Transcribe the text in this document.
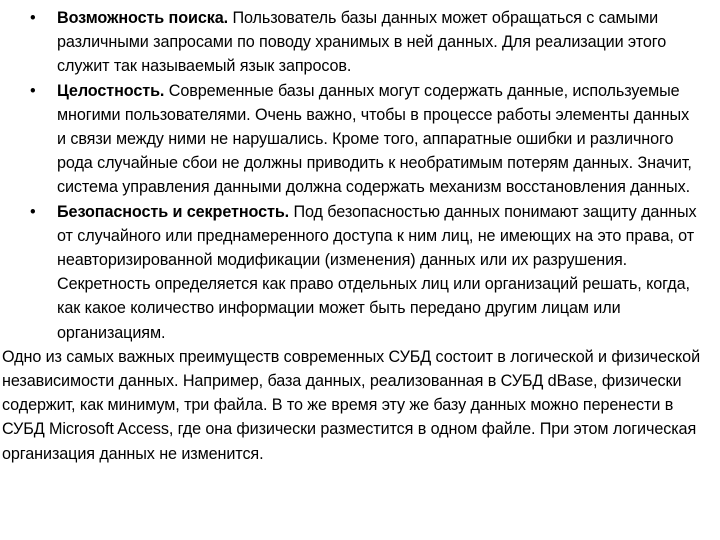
•	Возможность поиска. Пользователь базы данных может обращаться с самыми различными запросами по поводу хранимых в ней данных. Для реализации этого служит так называемый язык запросов.
•	Целостность. Современные базы данных могут содержать данные, используемые многими пользователями. Очень важно, чтобы в процессе работы элементы данных и связи между ними не нарушались. Кроме того, аппаратные ошибки и различного рода случайные сбои не должны приводить к необратимым потерям данных. Значит, система управления данными должна содержать механизм восстановления данных.
•	Безопасность и секретность. Под безопасностью данных понимают защиту данных от случайного или преднамеренного доступа к ним лиц, не имеющих на это права, от неавторизированной модификации (изменения) данных или их разрушения. Секретность определяется как право отдельных лиц или организаций решать, когда, как какое количество информации может быть передано другим лицам или организациям.

Одно из самых важных преимуществ современных СУБД состоит в логической и физической независимости данных. Например, база данных, реализованная в СУБД dBase, физически содержит, как минимум, три файла. В то же время эту же базу данных можно перенести в СУБД Microsoft Access, где она физически разместится в одном файле. При этом логическая организация данных не изменится.
